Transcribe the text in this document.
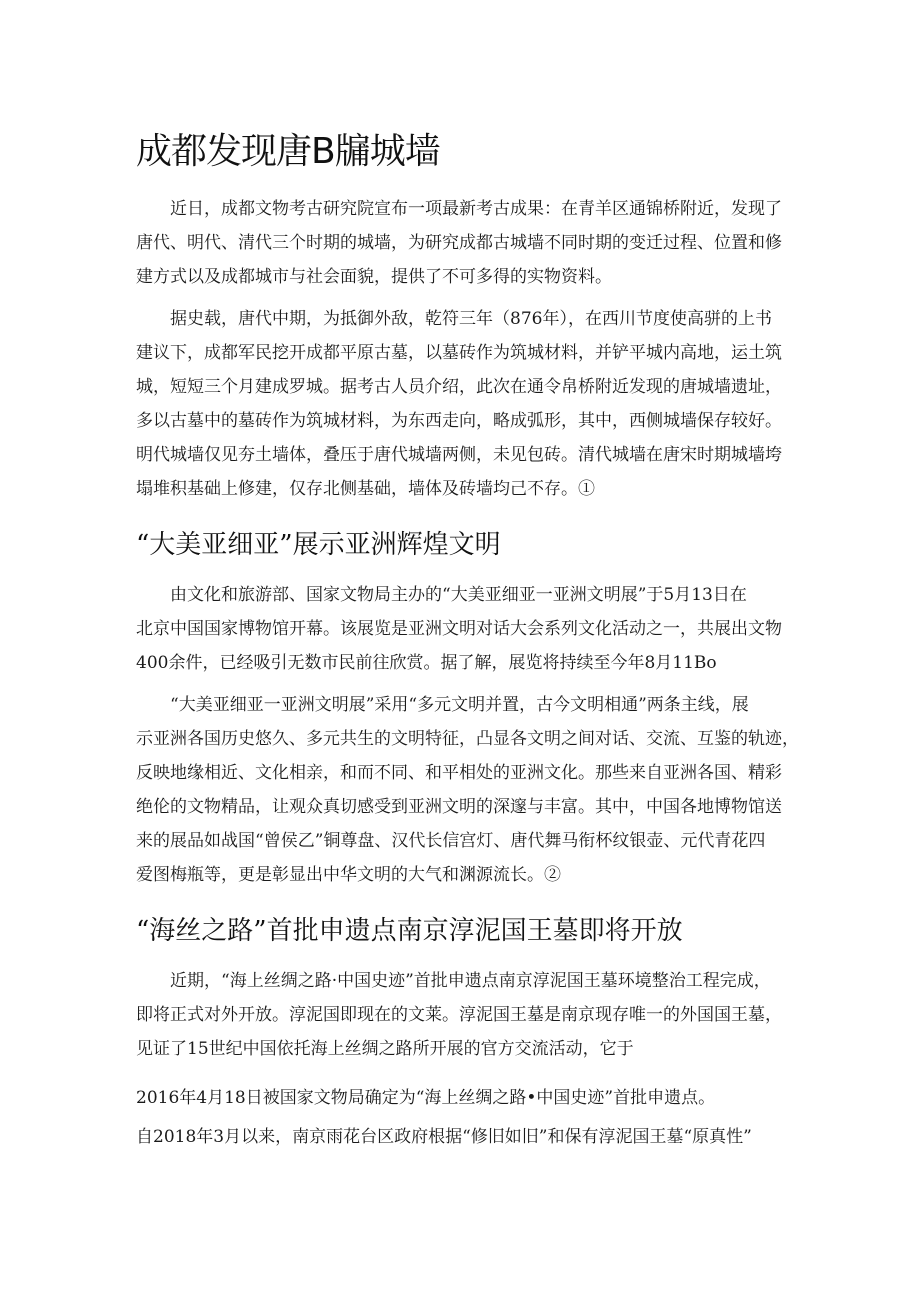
成都发现唐B牖城墙
近日，成都文物考古研究院宣布一项最新考古成果：在青羊区通锦桥附近，发现了
唐代、明代、清代三个时期的城墙，为研究成都古城墙不同时期的变迁过程、位置和修
建方式以及成都城市与社会面貌，提供了不可多得的实物资料。
据史载，唐代中期，为抵御外敌，乾符三年（876年），在西川节度使高骈的上书
建议下，成都军民挖开成都平原古墓，以墓砖作为筑城材料，并铲平城内高地，运土筑
城，短短三个月建成罗城。据考古人员介绍，此次在通令帛桥附近发现的唐城墙遗址，
多以古墓中的墓砖作为筑城材料，为东西走向，略成弧形，其中，西侧城墙保存较好。
明代城墙仅见夯土墙体，叠压于唐代城墙两侧，未见包砖。清代城墙在唐宋时期城墙垮
塌堆积基础上修建，仅存北侧基础，墙体及砖墙均己不存。①
“大美亚细亚”展示亚洲辉煌文明
由文化和旅游部、国家文物局主办的“大美亚细亚一亚洲文明展”于5月13日在
北京中国国家博物馆开幕。该展览是亚洲文明对话大会系列文化活动之一，共展出文物
400余件，已经吸引无数市民前往欣赏。据了解，展览将持续至今年8月11Bo
“大美亚细亚一亚洲文明展”采用“多元文明并置，古今文明相通”两条主线，展
示亚洲各国历史悠久、多元共生的文明特征，凸显各文明之间对话、交流、互鉴的轨迹，
反映地缘相近、文化相亲，和而不同、和平相处的亚洲文化。那些来自亚洲各国、精彩
绝伦的文物精品，让观众真切感受到亚洲文明的深邃与丰富。其中，中国各地博物馆送
来的展品如战国“曾侯乙”铜尊盘、汉代长信宫灯、唐代舞马衔杯纹银壶、元代青花四
爱图梅瓶等，更是彰显出中华文明的大气和渊源流长。②
“海丝之路”首批申遗点南京淳泥国王墓即将开放
近期，“海上丝绸之路·中国史迹”首批申遗点南京淳泥国王墓环境整治工程完成，
即将正式对外开放。淳泥国即现在的文莱。淳泥国王墓是南京现存唯一的外国国王墓，
见证了15世纪中国依托海上丝绸之路所开展的官方交流活动，它于
2016年4月18日被国家文物局确定为“海上丝绸之路•中国史迹”首批申遗点。
自2018年3月以来，南京雨花台区政府根据“修旧如旧”和保有淳泥国王墓“原真性”
